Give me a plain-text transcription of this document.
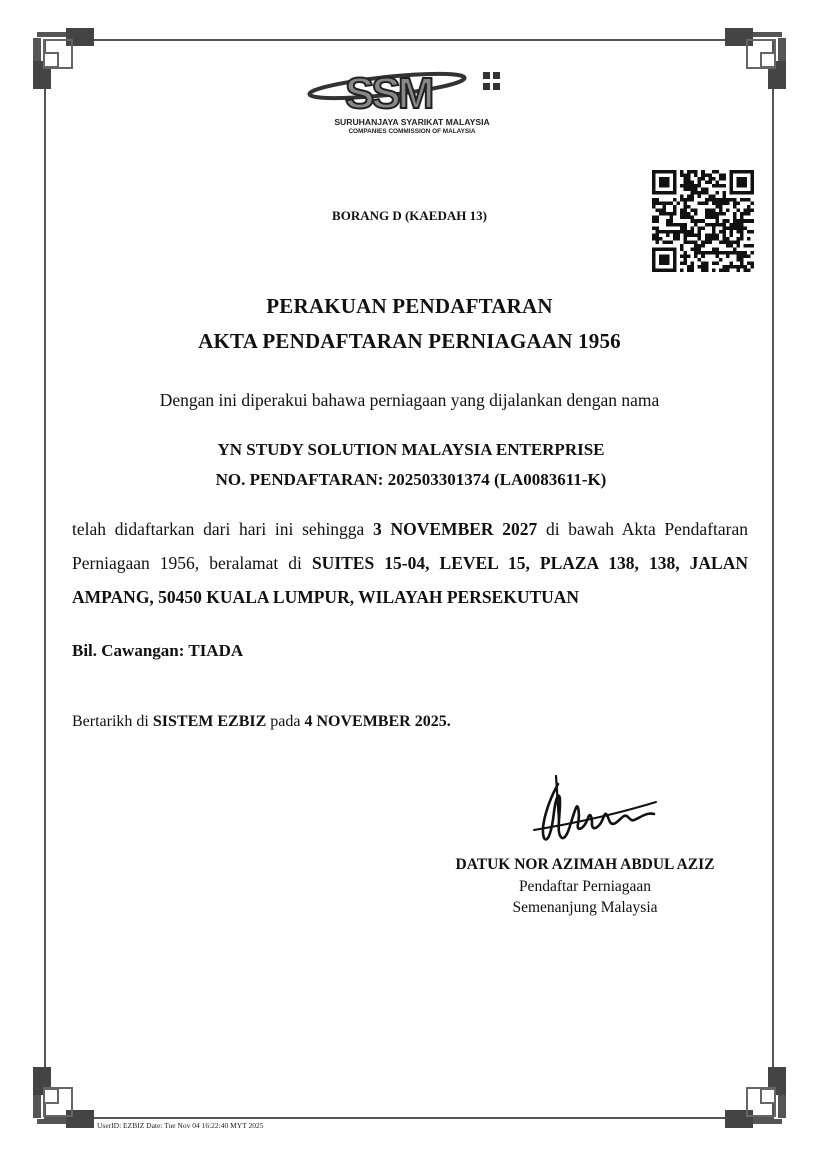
SSM
SURUHANJAYA SYARIKAT MALAYSIA
COMPANIES COMMISSION OF MALAYSIA

BORANG D (KAEDAH 13)

PERAKUAN PENDAFTARAN

AKTA PENDAFTARAN PERNIAGAAN 1956

Dengan ini diperakui bahawa perniagaan yang dijalankan dengan nama

YN STUDY SOLUTION MALAYSIA ENTERPRISE

NO. PENDAFTARAN: 202503301374 (LA0083611-K)

telah didaftarkan dari hari ini sehingga 3 NOVEMBER 2027 di bawah Akta Pendaftaran Perniagaan 1956, beralamat di SUITES 15-04, LEVEL 15, PLAZA 138, 138, JALAN AMPANG, 50450 KUALA LUMPUR, WILAYAH PERSEKUTUAN

Bil. Cawangan: TIADA

Bertarikh di SISTEM EZBIZ pada 4 NOVEMBER 2025.

DATUK NOR AZIMAH ABDUL AZIZ

Pendaftar Perniagaan

Semenanjung Malaysia

UserID: EZBIZ Date: Tue Nov 04 16:22:40 MYT 2025
